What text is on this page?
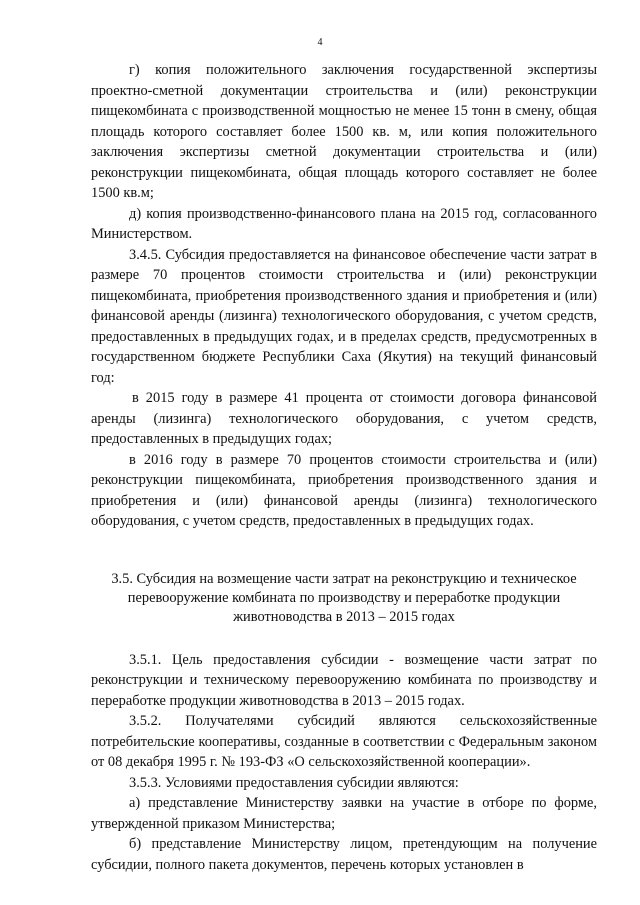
4

г) копия положительного заключения государственной экспертизы проектно-сметной документации строительства и (или) реконструкции пищекомбината с производственной мощностью не менее 15 тонн в смену, общая площадь которого составляет более 1500 кв. м, или копия положительного заключения экспертизы сметной документации строительства и (или) реконструкции пищекомбината, общая площадь которого составляет не более 1500 кв.м;

д) копия производственно-финансового плана на 2015 год, согласованного Министерством.

3.4.5. Субсидия предоставляется на финансовое обеспечение части затрат в размере 70 процентов стоимости строительства и (или) реконструкции пищекомбината, приобретения производственного здания и приобретения и (или) финансовой аренды (лизинга) технологического оборудования, с учетом средств, предоставленных в предыдущих годах, и в пределах средств, предусмотренных в государственном бюджете Республики Саха (Якутия) на текущий финансовый год:

в 2015 году в размере 41 процента от стоимости договора финансовой аренды (лизинга) технологического оборудования, с учетом средств, предоставленных в предыдущих годах;

в 2016 году в размере 70 процентов стоимости строительства и (или) реконструкции пищекомбината, приобретения производственного здания и приобретения и (или) финансовой аренды (лизинга) технологического оборудования, с учетом средств, предоставленных в предыдущих годах.

3.5. Субсидия на возмещение части затрат на реконструкцию и техническое перевооружение комбината по производству и переработке продукции животноводства в 2013 – 2015 годах

3.5.1. Цель предоставления субсидии - возмещение части затрат по реконструкции и техническому перевооружению комбината по производству и переработке продукции животноводства в 2013 – 2015 годах.

3.5.2. Получателями субсидий являются сельскохозяйственные потребительские кооперативы, созданные в соответствии с Федеральным законом от 08 декабря 1995 г. № 193-ФЗ «О сельскохозяйственной кооперации».

3.5.3. Условиями предоставления субсидии являются:

а) представление Министерству заявки на участие в отборе по форме, утвержденной приказом Министерства;

б) представление Министерству лицом, претендующим на получение субсидии, полного пакета документов, перечень которых установлен в
